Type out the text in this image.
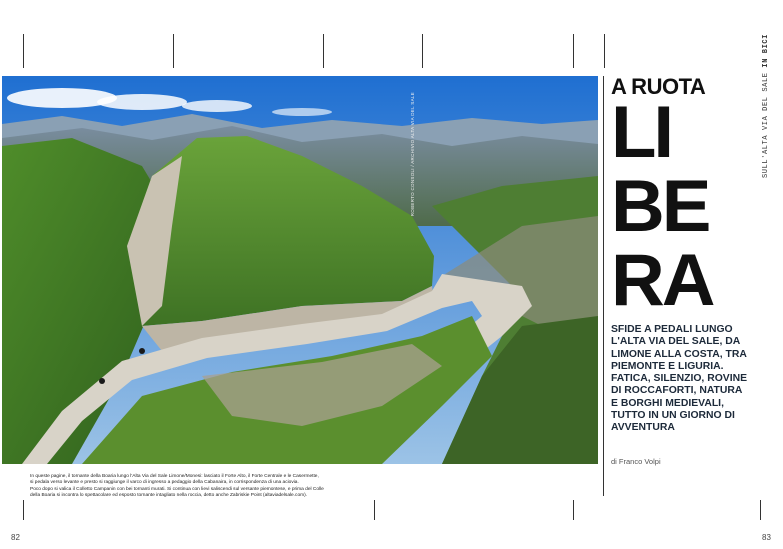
ROBERTO CONSOLI / ARCHIVIO ALTA VIA DEL SALE
In queste pagine, il tornante della Boaria lungo l'Alta Via del Sale Limone/Monesi: lasciato il Forte Alto, il Forte Centrale e le Casermette,
si pedala verso levante e presto si raggiunge il varco di ingresso a pedaggio della Cabanaira, in corrispondenza di una aciovia.
Poco dopo si valica il Colletto Campanin con bei tornanti murati. Si continua con lievi saliscendi sul versante piemontese, e prima del Colle
della Boaria si incontra lo spettacolare ed esposto tornante intagliato nella roccia, detto anche Zabriskie Point (altaviadelsale.com).
82	83
A RUOTA
LI
BE
RA
SFIDE A PEDALI LUNGO L'ALTA VIA DEL SALE, DA LIMONE ALLA COSTA, TRA PIEMONTE E LIGURIA. FATICA, SILENZIO, ROVINE DI ROCCAFORTI, NATURA E BORGHI MEDIEVALI, TUTTO IN UN GIORNO DI AVVENTURA
di Franco Volpi
SULL'ALTA VIA DEL SALE IN BICI
